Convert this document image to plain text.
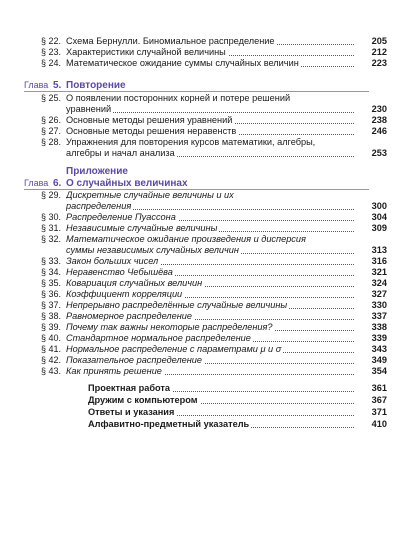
§ 22. Схема Бернулли. Биномиальное распределение	205
§ 23. Характеристики случайной величины	212
§ 24. Математическое ожидание суммы случайных величин	223
Глава 5. Повторение
§ 25. О появлении посторонних корней и потере решений
уравнений	230
§ 26. Основные методы решения уравнений	238
§ 27. Основные методы решения неравенств	246
§ 28. Упражнения для повторения курсов математики, алгебры,
алгебры и начал анализа	253
Приложение
Глава 6. О случайных величинах
§ 29. Дискретные случайные величины и их
распределения	300
§ 30. Распределение Пуассона	304
§ 31. Независимые случайные величины	309
§ 32. Математическое ожидание произведения и дисперсия
суммы независимых случайных величин	313
§ 33. Закон больших чисел	316
§ 34. Неравенство Чебышёва	321
§ 35. Ковариация случайных величин	324
§ 36. Коэффициент корреляции	327
§ 37. Непрерывно распределённые случайные величины	330
§ 38. Равномерное распределение	337
§ 39. Почему так важны некоторые распределения?	338
§ 40. Стандартное нормальное распределение	339
§ 41. Нормальное распределение с параметрами μ и σ	343
§ 42. Показательное распределение	349
§ 43. Как принять решение	354
Проектная работа	361
Дружим с компьютером	367
Ответы и указания	371
Алфавитно-предметный указатель	410
